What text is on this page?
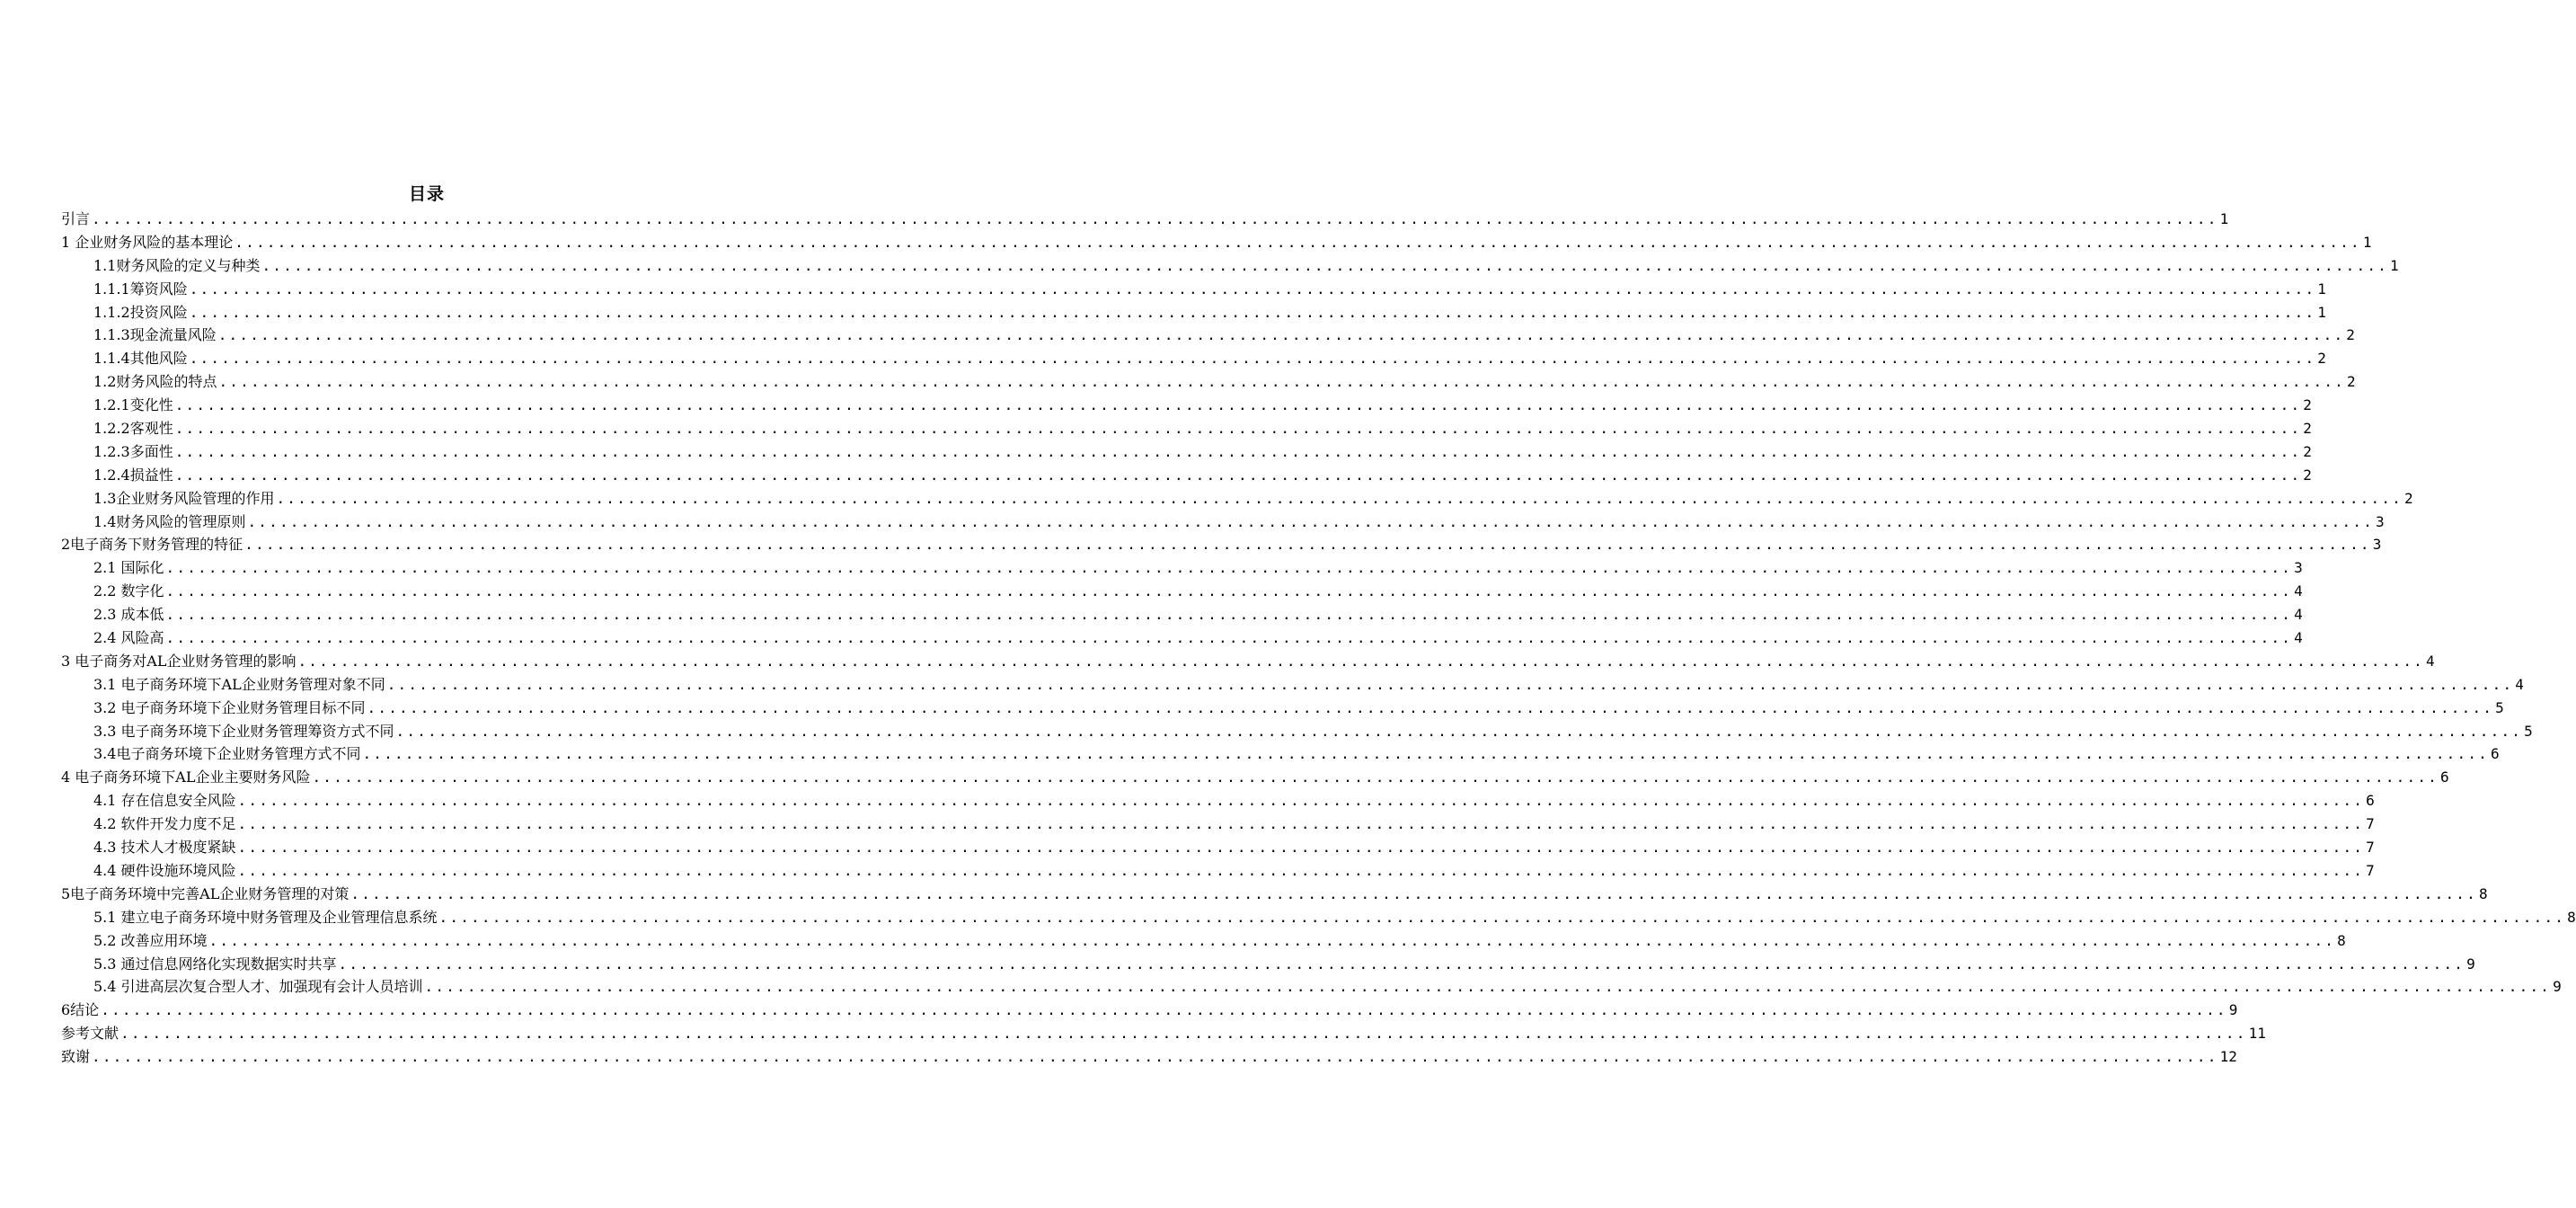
目录
引言 ........................................................................................................................................................................................................ 1
1 企业财务风险的基本理论 ........................................................................................................................................................................................................ 1
1.1财务风险的定义与种类 ........................................................................................................................................................................................................ 1
1.1.1筹资风险 ........................................................................................................................................................................................................ 1
1.1.2投资风险 ........................................................................................................................................................................................................ 1
1.1.3现金流量风险 ........................................................................................................................................................................................................ 2
1.1.4其他风险 ........................................................................................................................................................................................................ 2
1.2财务风险的特点 ........................................................................................................................................................................................................ 2
1.2.1变化性 ........................................................................................................................................................................................................ 2
1.2.2客观性 ........................................................................................................................................................................................................ 2
1.2.3多面性 ........................................................................................................................................................................................................ 2
1.2.4损益性 ........................................................................................................................................................................................................ 2
1.3企业财务风险管理的作用 ........................................................................................................................................................................................................ 2
1.4财务风险的管理原则 ........................................................................................................................................................................................................ 3
2电子商务下财务管理的特征 ........................................................................................................................................................................................................ 3
2.1 国际化 ........................................................................................................................................................................................................ 3
2.2 数字化 ........................................................................................................................................................................................................ 4
2.3 成本低 ........................................................................................................................................................................................................ 4
2.4 风险高 ........................................................................................................................................................................................................ 4
3 电子商务对AL企业财务管理的影响 ........................................................................................................................................................................................................ 4
3.1 电子商务环境下AL企业财务管理对象不同 ........................................................................................................................................................................................................ 4
3.2 电子商务环境下企业财务管理目标不同 ........................................................................................................................................................................................................ 5
3.3 电子商务环境下企业财务管理筹资方式不同 ........................................................................................................................................................................................................ 5
3.4电子商务环境下企业财务管理方式不同 ........................................................................................................................................................................................................ 6
4 电子商务环境下AL企业主要财务风险 ........................................................................................................................................................................................................ 6
4.1 存在信息安全风险 ........................................................................................................................................................................................................ 6
4.2 软件开发力度不足 ........................................................................................................................................................................................................ 7
4.3 技术人才极度紧缺 ........................................................................................................................................................................................................ 7
4.4 硬件设施环境风险 ........................................................................................................................................................................................................ 7
5电子商务环境中完善AL企业财务管理的对策 ........................................................................................................................................................................................................ 8
5.1 建立电子商务环境中财务管理及企业管理信息系统 ........................................................................................................................................................................................................ 8
5.2 改善应用环境 ........................................................................................................................................................................................................ 8
5.3 通过信息网络化实现数据实时共享 ........................................................................................................................................................................................................ 9
5.4 引进高层次复合型人才、加强现有会计人员培训 ........................................................................................................................................................................................................ 9
6结论 ........................................................................................................................................................................................................ 9
参考文献 ........................................................................................................................................................................................................ 11
致谢 ........................................................................................................................................................................................................ 12
